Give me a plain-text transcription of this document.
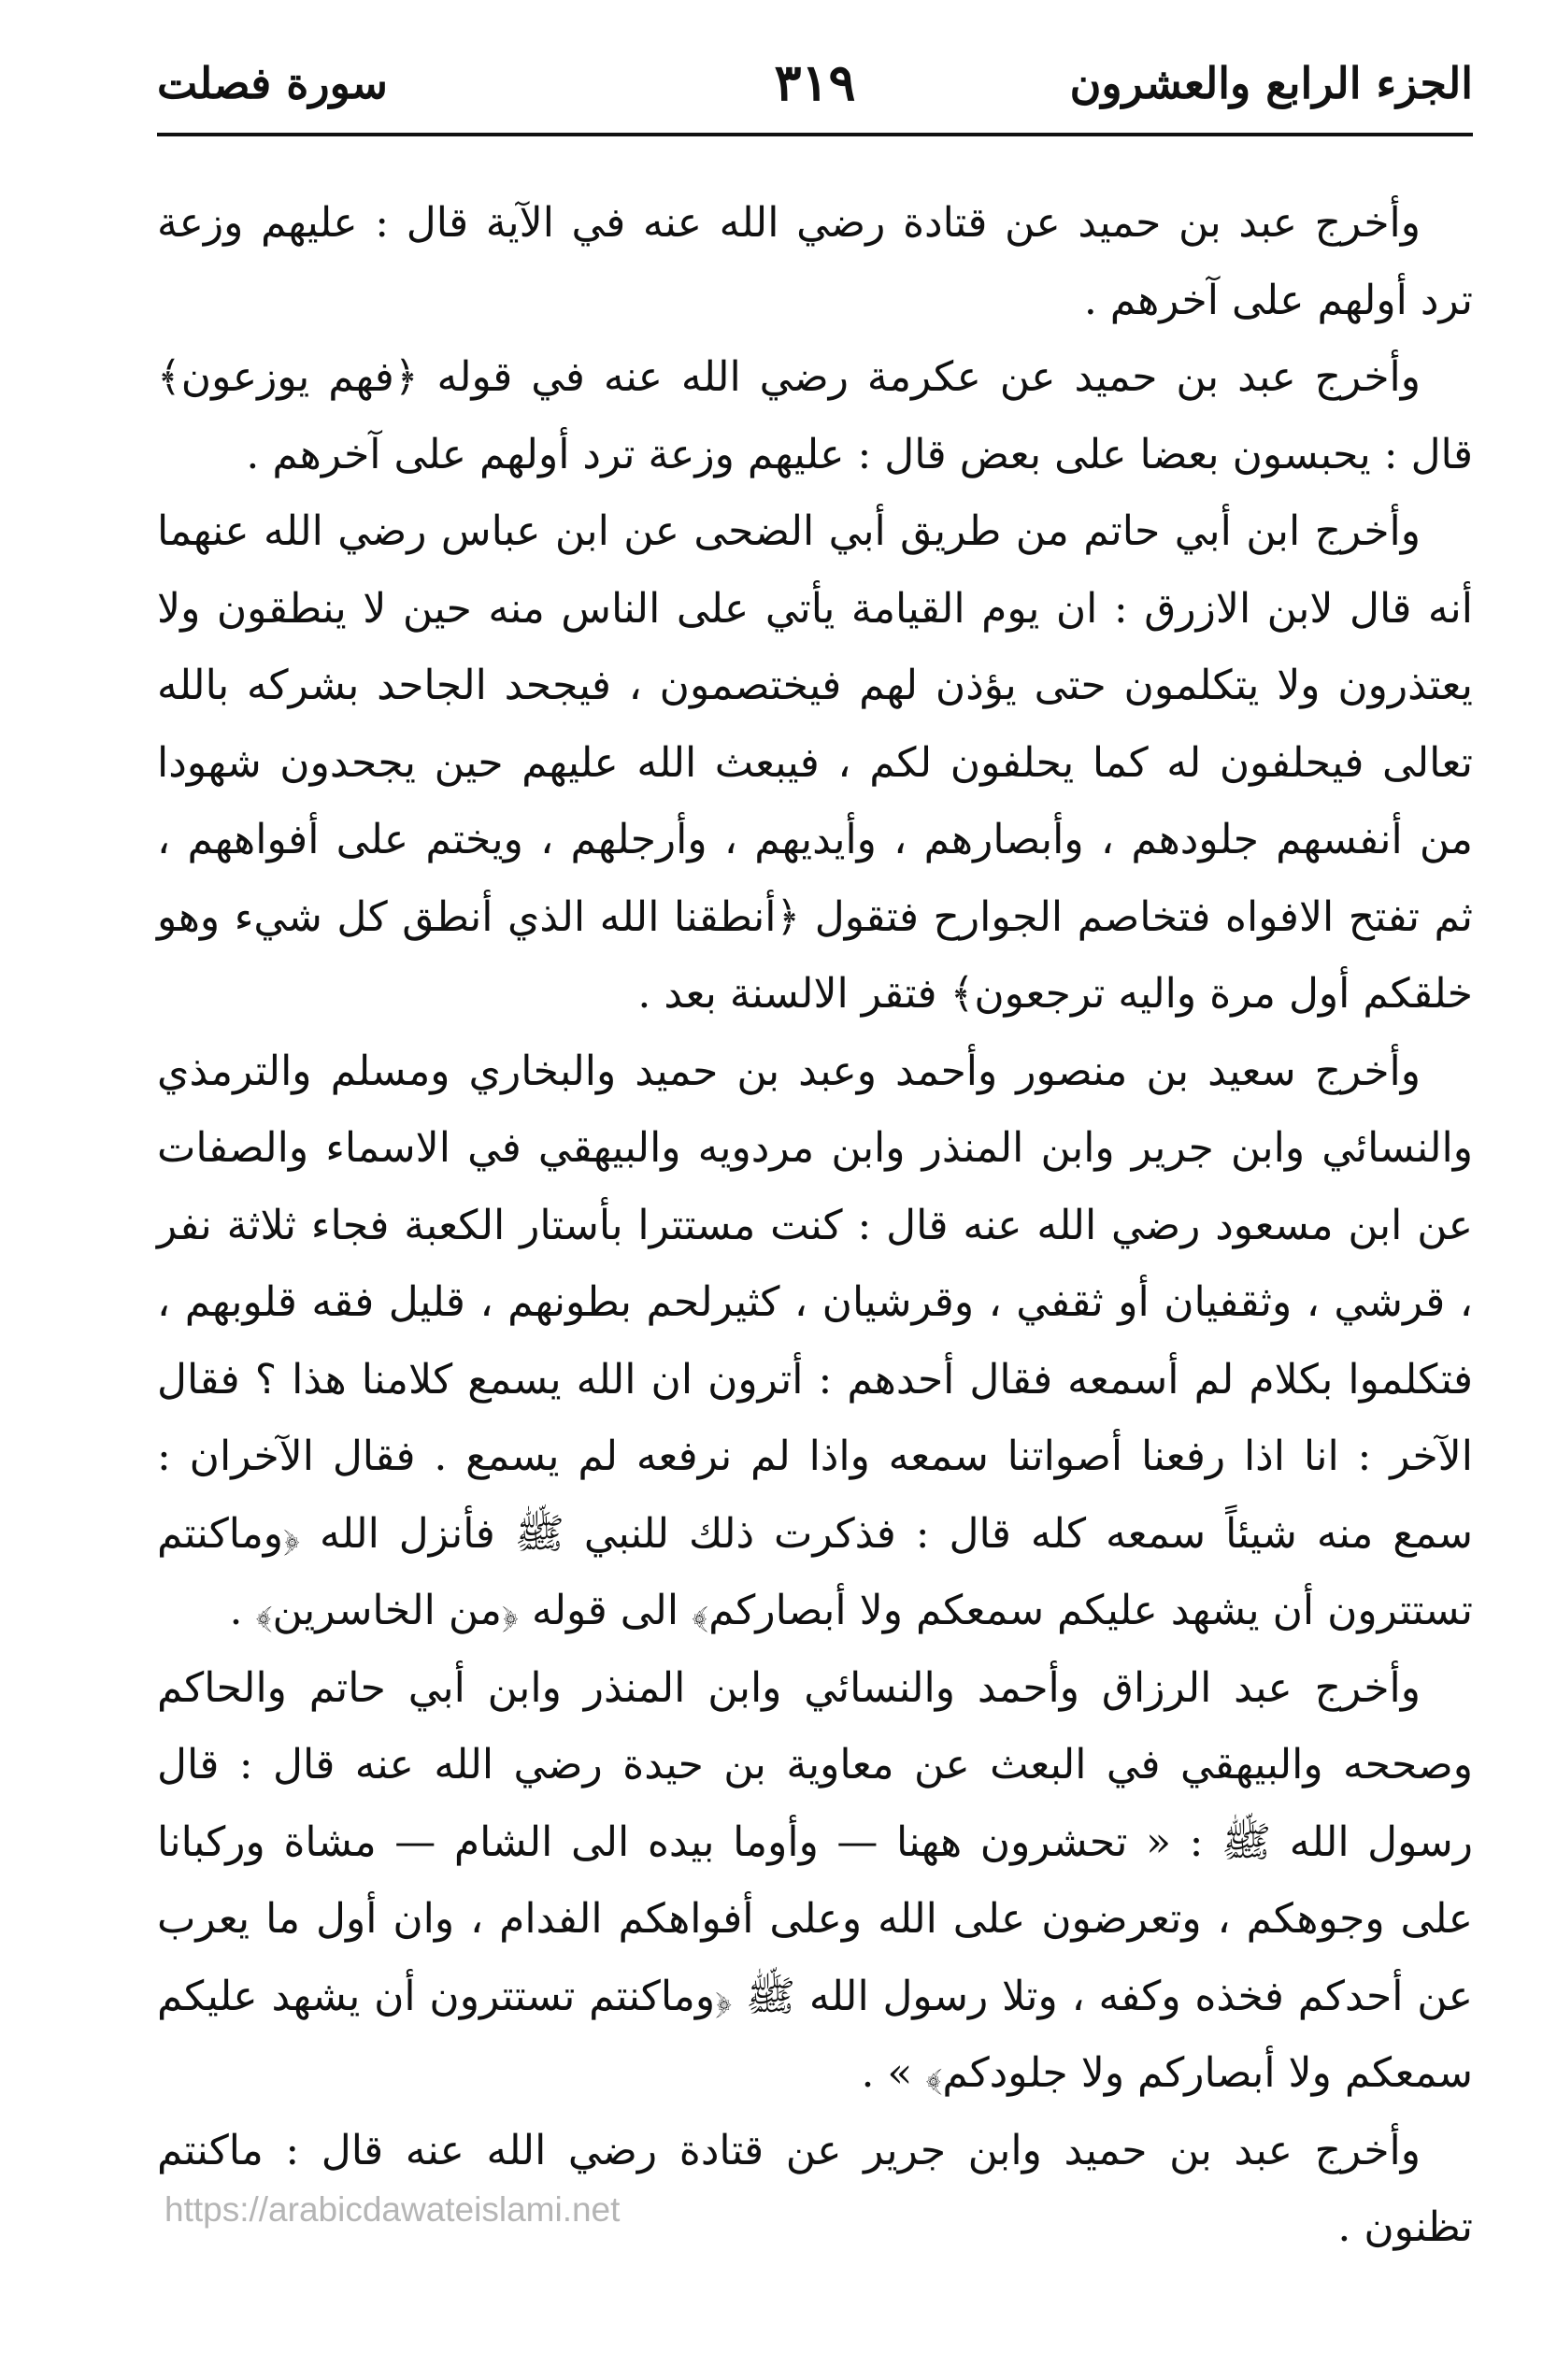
الجزء الرابع والعشرون
٣١٩
سورة فصلت

وأخرج عبد بن حميد عن قتادة رضي الله عنه في الآية قال : عليهم وزعة ترد أولهم على آخرهم .

وأخرج عبد بن حميد عن عكرمة رضي الله عنه في قوله ﴿فهم يوزعون﴾ قال : يحبسون بعضا على بعض قال : عليهم وزعة ترد أولهم على آخرهم .

وأخرج ابن أبي حاتم من طريق أبي الضحى عن ابن عباس رضي الله عنهما أنه قال لابن الازرق : ان يوم القيامة يأتي على الناس منه حين لا ينطقون ولا يعتذرون ولا يتكلمون حتى يؤذن لهم فيختصمون ، فيجحد الجاحد بشركه بالله تعالى فيحلفون له كما يحلفون لكم ، فيبعث الله عليهم حين يجحدون شهودا من أنفسهم جلودهم ، وأبصارهم ، وأيديهم ، وأرجلهم ، ويختم على أفواههم ، ثم تفتح الافواه فتخاصم الجوارح فتقول ﴿أنطقنا الله الذي أنطق كل شيء وهو خلقكم أول مرة واليه ترجعون﴾ فتقر الالسنة بعد .

وأخرج سعيد بن منصور وأحمد وعبد بن حميد والبخاري ومسلم والترمذي والنسائي وابن جرير وابن المنذر وابن مردويه والبيهقي في الاسماء والصفات عن ابن مسعود رضي الله عنه قال : كنت مستترا بأستار الكعبة فجاء ثلاثة نفر ، قرشي ، وثقفيان أو ثقفي ، وقرشيان ، كثيرلحم بطونهم ، قليل فقه قلوبهم ، فتكلموا بكلام لم أسمعه فقال أحدهم : أترون ان الله يسمع كلامنا هذا ؟ فقال الآخر : انا اذا رفعنا أصواتنا سمعه واذا لم نرفعه لم يسمع . فقال الآخران : سمع منه شيئاً سمعه كله قال : فذكرت ذلك للنبي ﷺ فأنزل الله ﴿وماكنتم تستترون أن يشهد عليكم سمعكم ولا أبصاركم﴾ الى قوله ﴿من الخاسرين﴾ .

وأخرج عبد الرزاق وأحمد والنسائي وابن المنذر وابن أبي حاتم والحاكم وصححه والبيهقي في البعث عن معاوية بن حيدة رضي الله عنه قال : قال رسول الله ﷺ : « تحشرون ههنا — وأوما بيده الى الشام — مشاة وركبانا على وجوهكم ، وتعرضون على الله وعلى أفواهكم الفدام ، وان أول ما يعرب عن أحدكم فخذه وكفه ، وتلا رسول الله ﷺ ﴿وماكنتم تستترون أن يشهد عليكم سمعكم ولا أبصاركم ولا جلودكم﴾ » .

وأخرج عبد بن حميد وابن جرير عن قتادة رضي الله عنه قال : ماكنتم تظنون .

https://arabicdawateislami.net
